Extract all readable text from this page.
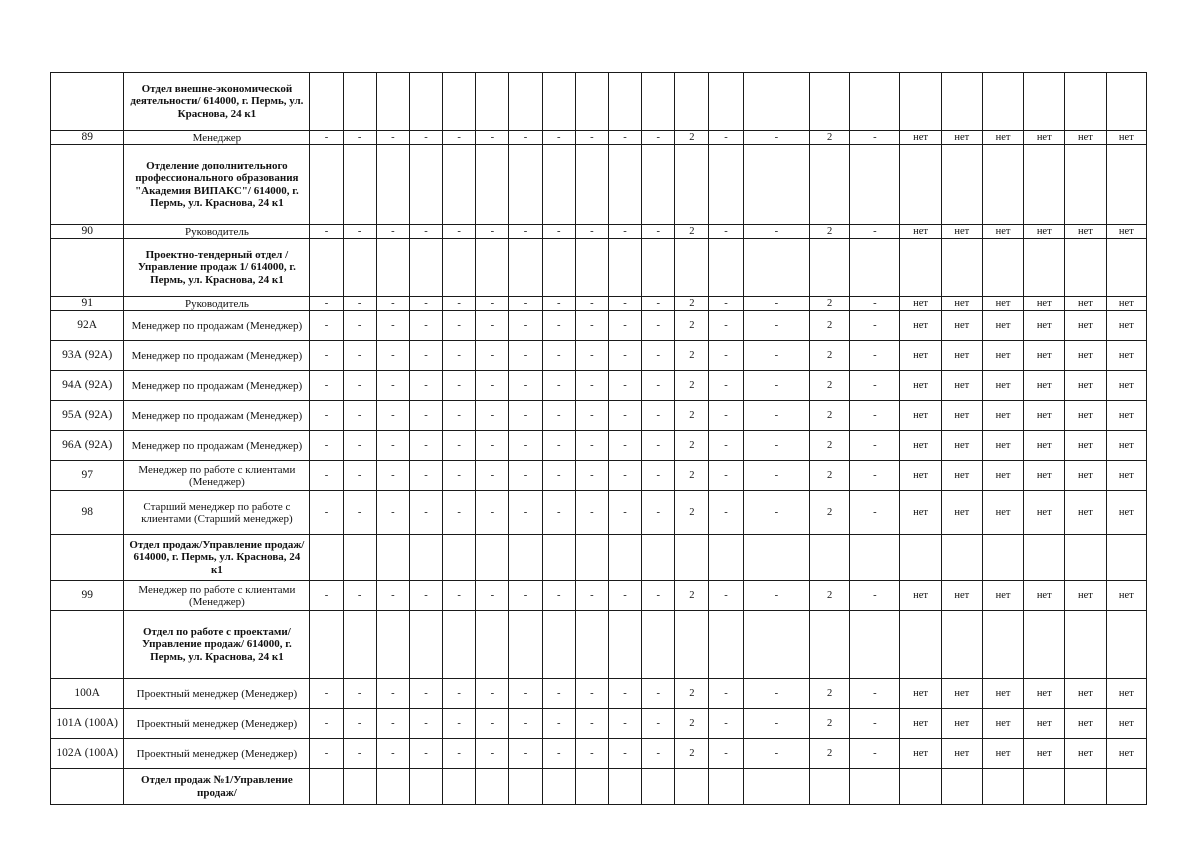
	Отдел внешне-экономической деятельности/ 614000, г. Пермь, ул. Краснова, 24 к1																						
89	Менеджер	-	-	-	-	-	-	-	-	-	-	-	2	-	-	2	-	нет	нет	нет	нет	нет	нет
	Отделение дополнительного профессионального образования "Академия ВИПАКС"/ 614000, г. Пермь, ул. Краснова, 24 к1																						
90	Руководитель	-	-	-	-	-	-	-	-	-	-	-	2	-	-	2	-	нет	нет	нет	нет	нет	нет
	Проектно-тендерный отдел /Управление продаж 1/ 614000, г. Пермь, ул. Краснова, 24 к1																						
91	Руководитель	-	-	-	-	-	-	-	-	-	-	-	2	-	-	2	-	нет	нет	нет	нет	нет	нет
92А	Менеджер по продажам (Менеджер)	-	-	-	-	-	-	-	-	-	-	-	2	-	-	2	-	нет	нет	нет	нет	нет	нет
93А (92А)	Менеджер по продажам (Менеджер)	-	-	-	-	-	-	-	-	-	-	-	2	-	-	2	-	нет	нет	нет	нет	нет	нет
94А (92А)	Менеджер по продажам (Менеджер)	-	-	-	-	-	-	-	-	-	-	-	2	-	-	2	-	нет	нет	нет	нет	нет	нет
95А (92А)	Менеджер по продажам (Менеджер)	-	-	-	-	-	-	-	-	-	-	-	2	-	-	2	-	нет	нет	нет	нет	нет	нет
96А (92А)	Менеджер по продажам (Менеджер)	-	-	-	-	-	-	-	-	-	-	-	2	-	-	2	-	нет	нет	нет	нет	нет	нет
97	Менеджер по работе с клиентами (Менеджер)	-	-	-	-	-	-	-	-	-	-	-	2	-	-	2	-	нет	нет	нет	нет	нет	нет
98	Старший менеджер по работе с клиентами (Старший менеджер)	-	-	-	-	-	-	-	-	-	-	-	2	-	-	2	-	нет	нет	нет	нет	нет	нет
	Отдел продаж/Управление продаж/ 614000, г. Пермь, ул. Краснова, 24 к1																						
99	Менеджер по работе с клиентами (Менеджер)	-	-	-	-	-	-	-	-	-	-	-	2	-	-	2	-	нет	нет	нет	нет	нет	нет
	Отдел по работе с проектами/Управление продаж/ 614000, г. Пермь, ул. Краснова, 24 к1																						
100А	Проектный менеджер (Менеджер)	-	-	-	-	-	-	-	-	-	-	-	2	-	-	2	-	нет	нет	нет	нет	нет	нет
101А (100А)	Проектный менеджер (Менеджер)	-	-	-	-	-	-	-	-	-	-	-	2	-	-	2	-	нет	нет	нет	нет	нет	нет
102А (100А)	Проектный менеджер (Менеджер)	-	-	-	-	-	-	-	-	-	-	-	2	-	-	2	-	нет	нет	нет	нет	нет	нет
	Отдел продаж №1/Управление продаж/																						
